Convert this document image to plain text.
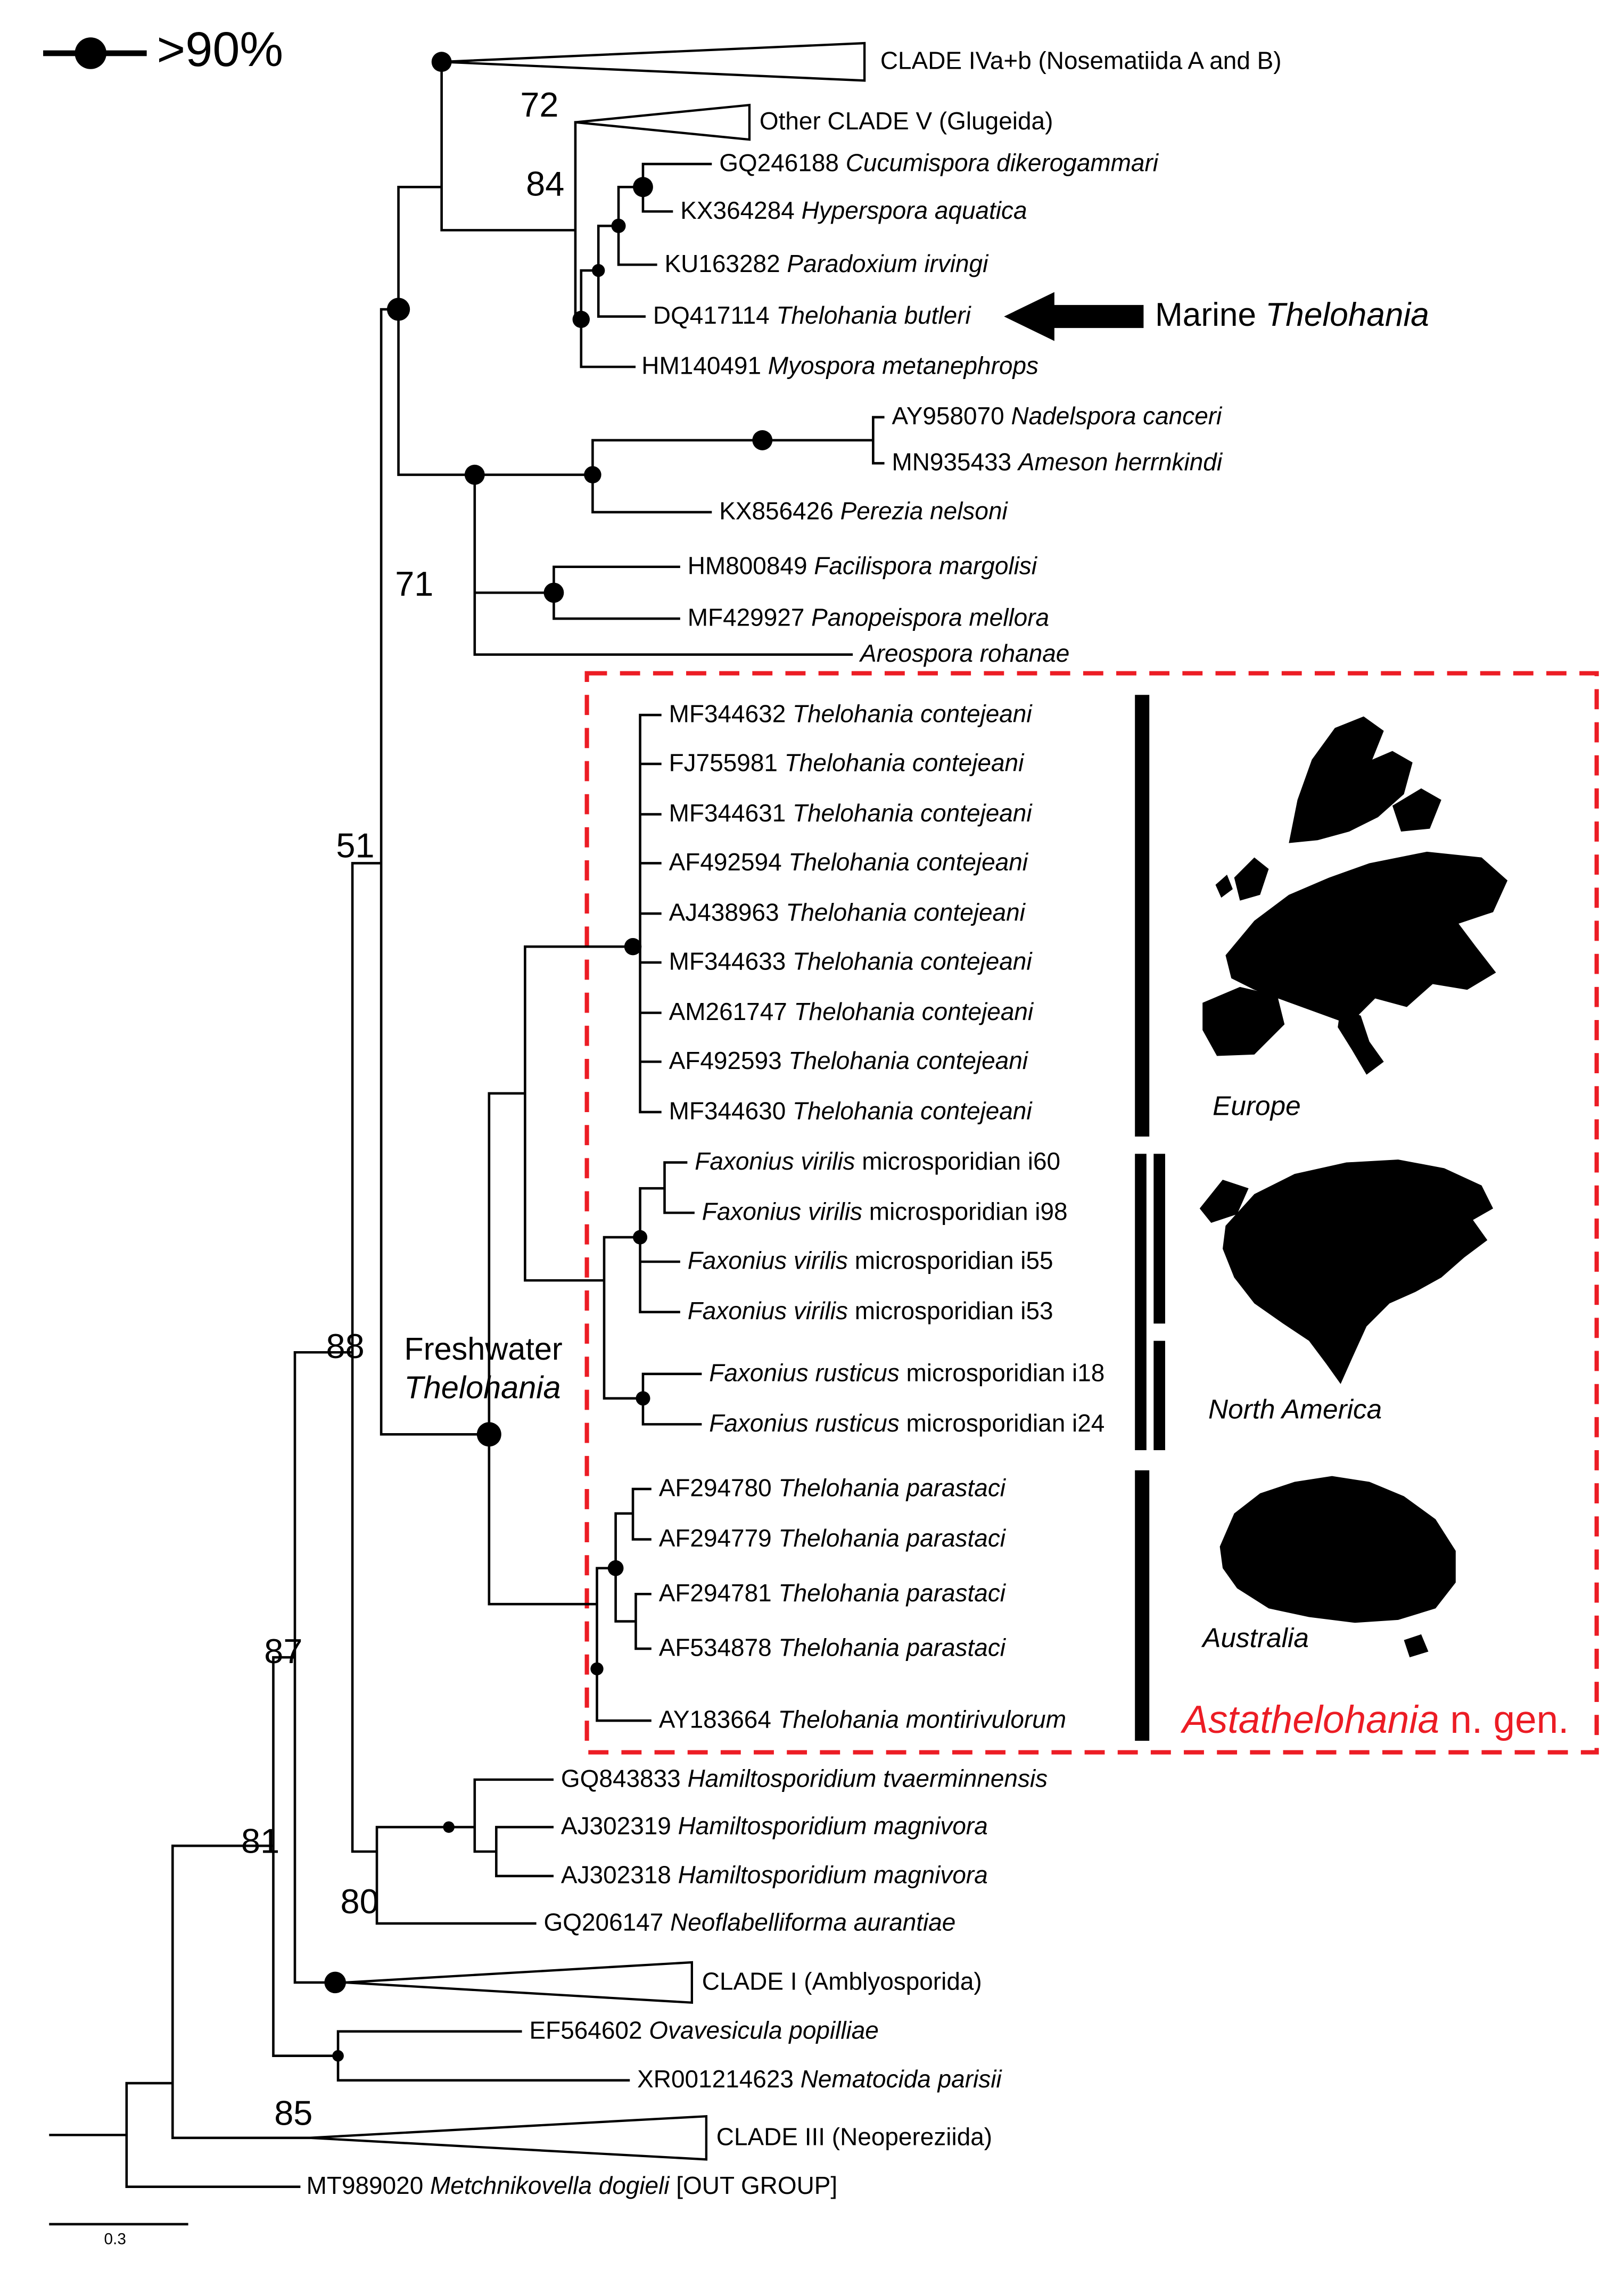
>90%
Marine Thelohania
Freshwater
Thelohania
Astathelohania n. gen.
0.3
CLADE IVa+b (Nosematiida A and B)
Other CLADE V (Glugeida)
GQ246188 Cucumispora dikerogammari
KX364284 Hyperspora aquatica
KU163282 Paradoxium irvingi
DQ417114 Thelohania butleri
HM140491 Myospora metanephrops
AY958070 Nadelspora canceri
MN935433 Ameson herrnkindi
KX856426 Perezia nelsoni
HM800849 Facilispora margolisi
MF429927 Panopeispora mellora
Areospora rohanae
MF344632 Thelohania contejeani
FJ755981 Thelohania contejeani
MF344631 Thelohania contejeani
AF492594 Thelohania contejeani
AJ438963 Thelohania contejeani
MF344633 Thelohania contejeani
AM261747 Thelohania contejeani
AF492593 Thelohania contejeani
MF344630 Thelohania contejeani
Faxonius virilis microsporidian i60
Faxonius virilis microsporidian i98
Faxonius virilis microsporidian i55
Faxonius virilis microsporidian i53
Faxonius rusticus microsporidian i18
Faxonius rusticus microsporidian i24
AF294780 Thelohania parastaci
AF294779 Thelohania parastaci
AF294781 Thelohania parastaci
AF534878 Thelohania parastaci
AY183664 Thelohania montirivulorum
GQ843833 Hamiltosporidium tvaerminnensis
AJ302319 Hamiltosporidium magnivora
AJ302318 Hamiltosporidium magnivora
GQ206147 Neoflabelliforma aurantiae
CLADE I (Amblyosporida)
EF564602 Ovavesicula popilliae
XR001214623 Nematocida parisii
CLADE III (Neopereziida)
MT989020 Metchnikovella dogieli [OUT GROUP]
72
84
71
51
88
87
81
80
85
Europe
North America
Australia
